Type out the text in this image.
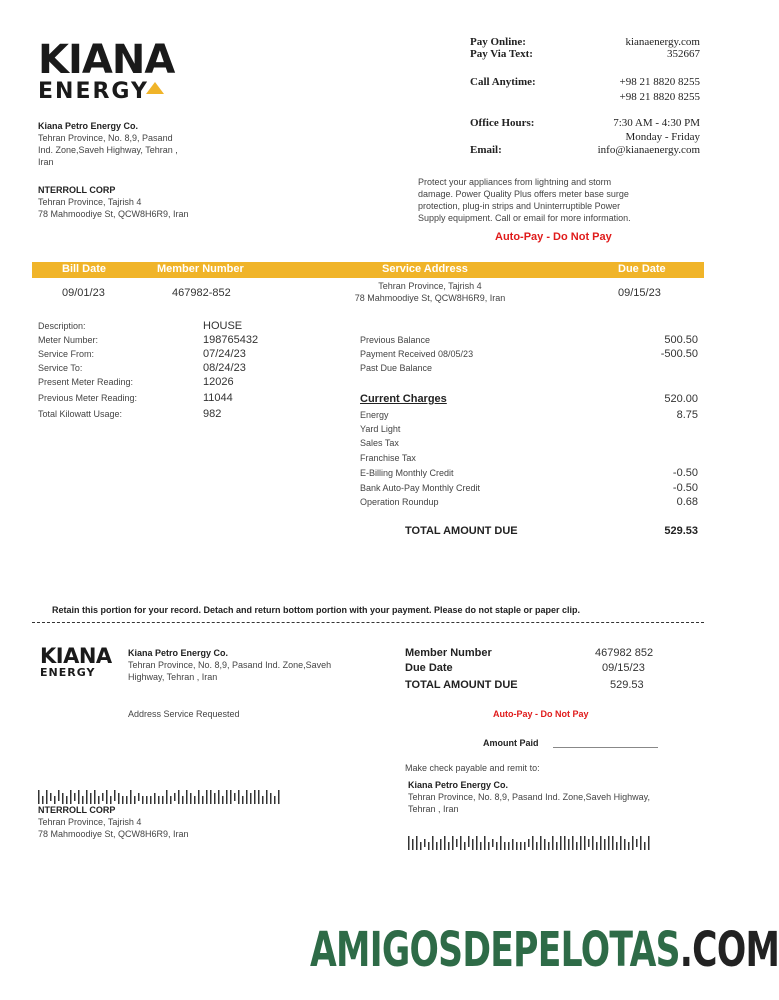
KIANA
ENERGY
Kiana Petro Energy Co.
Tehran Province, No. 8,9, Pasand
Ind. Zone,Saveh Highway, Tehran ,
Iran
NTERROLL CORP
Tehran Province, Tajrish 4
78 Mahmoodiye St, QCW8H6R9, Iran
Pay Online:	kianaenergy.com
Pay Via Text:	352667
Call Anytime:	+98 21 8820 8255
+98 21 8820 8255
Office Hours:	7:30 AM - 4:30 PM
Monday - Friday
Email:	info@kianaenergy.com
Protect your appliances from lightning and storm
damage. Power Quality Plus offers meter base surge
protection, plug-in strips and Uninterruptible Power
Supply equipment. Call or email for more information.
Auto-Pay - Do Not Pay
Bill Date	Member Number	Service Address	Due Date
09/01/23	467982-852
Tehran Province, Tajrish 4
78 Mahmoodiye St, QCW8H6R9, Iran	09/15/23
Description:	HOUSE
Meter Number:	198765432
Service From:	07/24/23
Service To:	08/24/23
Present Meter Reading:	12026
Previous Meter Reading:	11044
Total Kilowatt Usage:	982
Previous Balance	500.50
Payment Received 08/05/23	-500.50
Past Due Balance
Current Charges	520.00
Energy	8.75
Yard Light
Sales Tax
Franchise Tax
E-Billing Monthly Credit	-0.50
Bank Auto-Pay Monthly Credit	-0.50
Operation Roundup	0.68
TOTAL AMOUNT DUE	529.53
Retain this portion for your record. Detach and return bottom portion with your payment. Please do not staple or paper clip.
KIANA
ENERGY
Kiana Petro Energy Co.
Tehran Province, No. 8,9, Pasand Ind. Zone,Saveh
Highway, Tehran , Iran
Address Service Requested
Member Number	467982 852
Due Date	09/15/23
TOTAL AMOUNT DUE	529.53
Auto-Pay - Do Not Pay
Amount Paid
Make check payable and remit to:
Kiana Petro Energy Co.
Tehran Province, No. 8,9, Pasand Ind. Zone,Saveh Highway,
Tehran , Iran
NTERROLL CORP
Tehran Province, Tajrish 4
78 Mahmoodiye St, QCW8H6R9, Iran
AMIGOSDEPELOTAS.COM
